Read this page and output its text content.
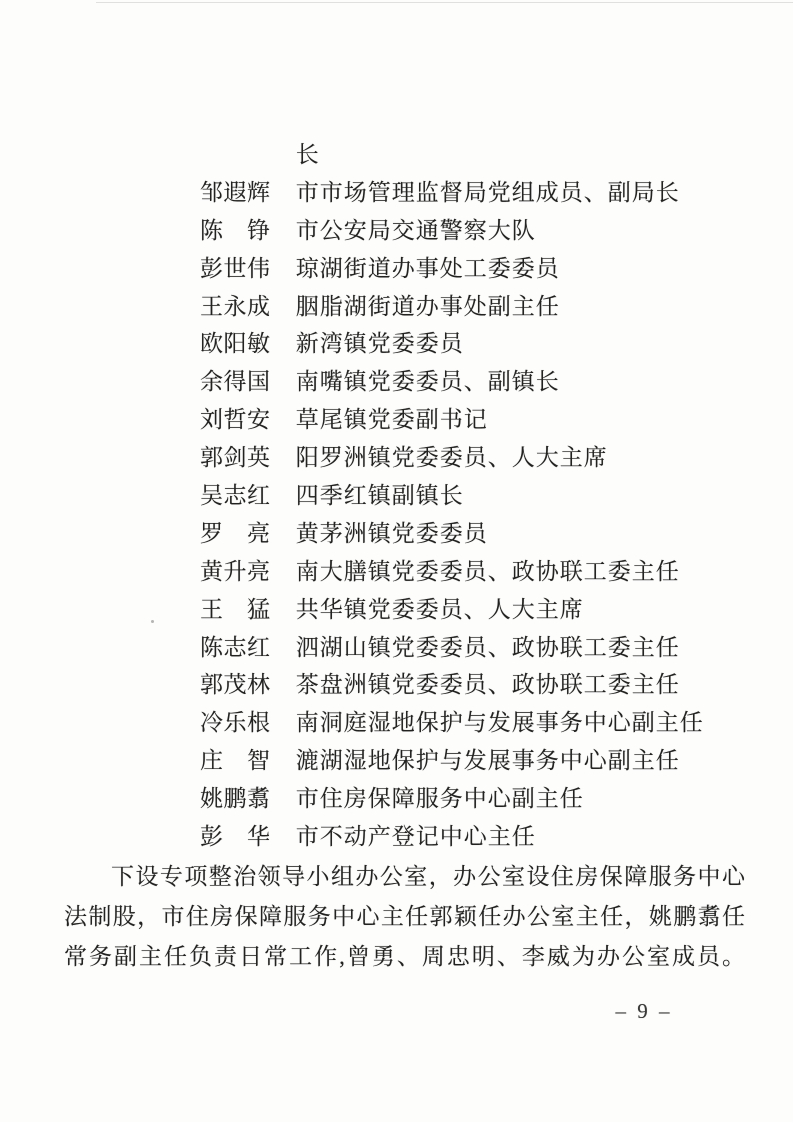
长
邹遐辉 市市场管理监督局党组成员、副局长
陈　铮 市公安局交通警察大队
彭世伟 琼湖街道办事处工委委员
王永成 胭脂湖街道办事处副主任
欧阳敏 新湾镇党委委员
余得国 南嘴镇党委委员、副镇长
刘哲安 草尾镇党委副书记
郭剑英 阳罗洲镇党委委员、人大主席
吴志红 四季红镇副镇长
罗　亮 黄茅洲镇党委委员
黄升亮 南大膳镇党委委员、政协联工委主任
王　猛 共华镇党委委员、人大主席
陈志红 泗湖山镇党委委员、政协联工委主任
郭茂林 茶盘洲镇党委委员、政协联工委主任
冷乐根 南洞庭湿地保护与发展事务中心副主任
庄　智 漉湖湿地保护与发展事务中心副主任
姚鹏翥 市住房保障服务中心副主任
彭　华 市不动产登记中心主任
下设专项整治领导小组办公室，办公室设住房保障服务中心
法制股，市住房保障服务中心主任郭颖任办公室主任，姚鹏翥任
常务副主任负责日常工作,曾勇、周忠明、李威为办公室成员。
– 9 –
